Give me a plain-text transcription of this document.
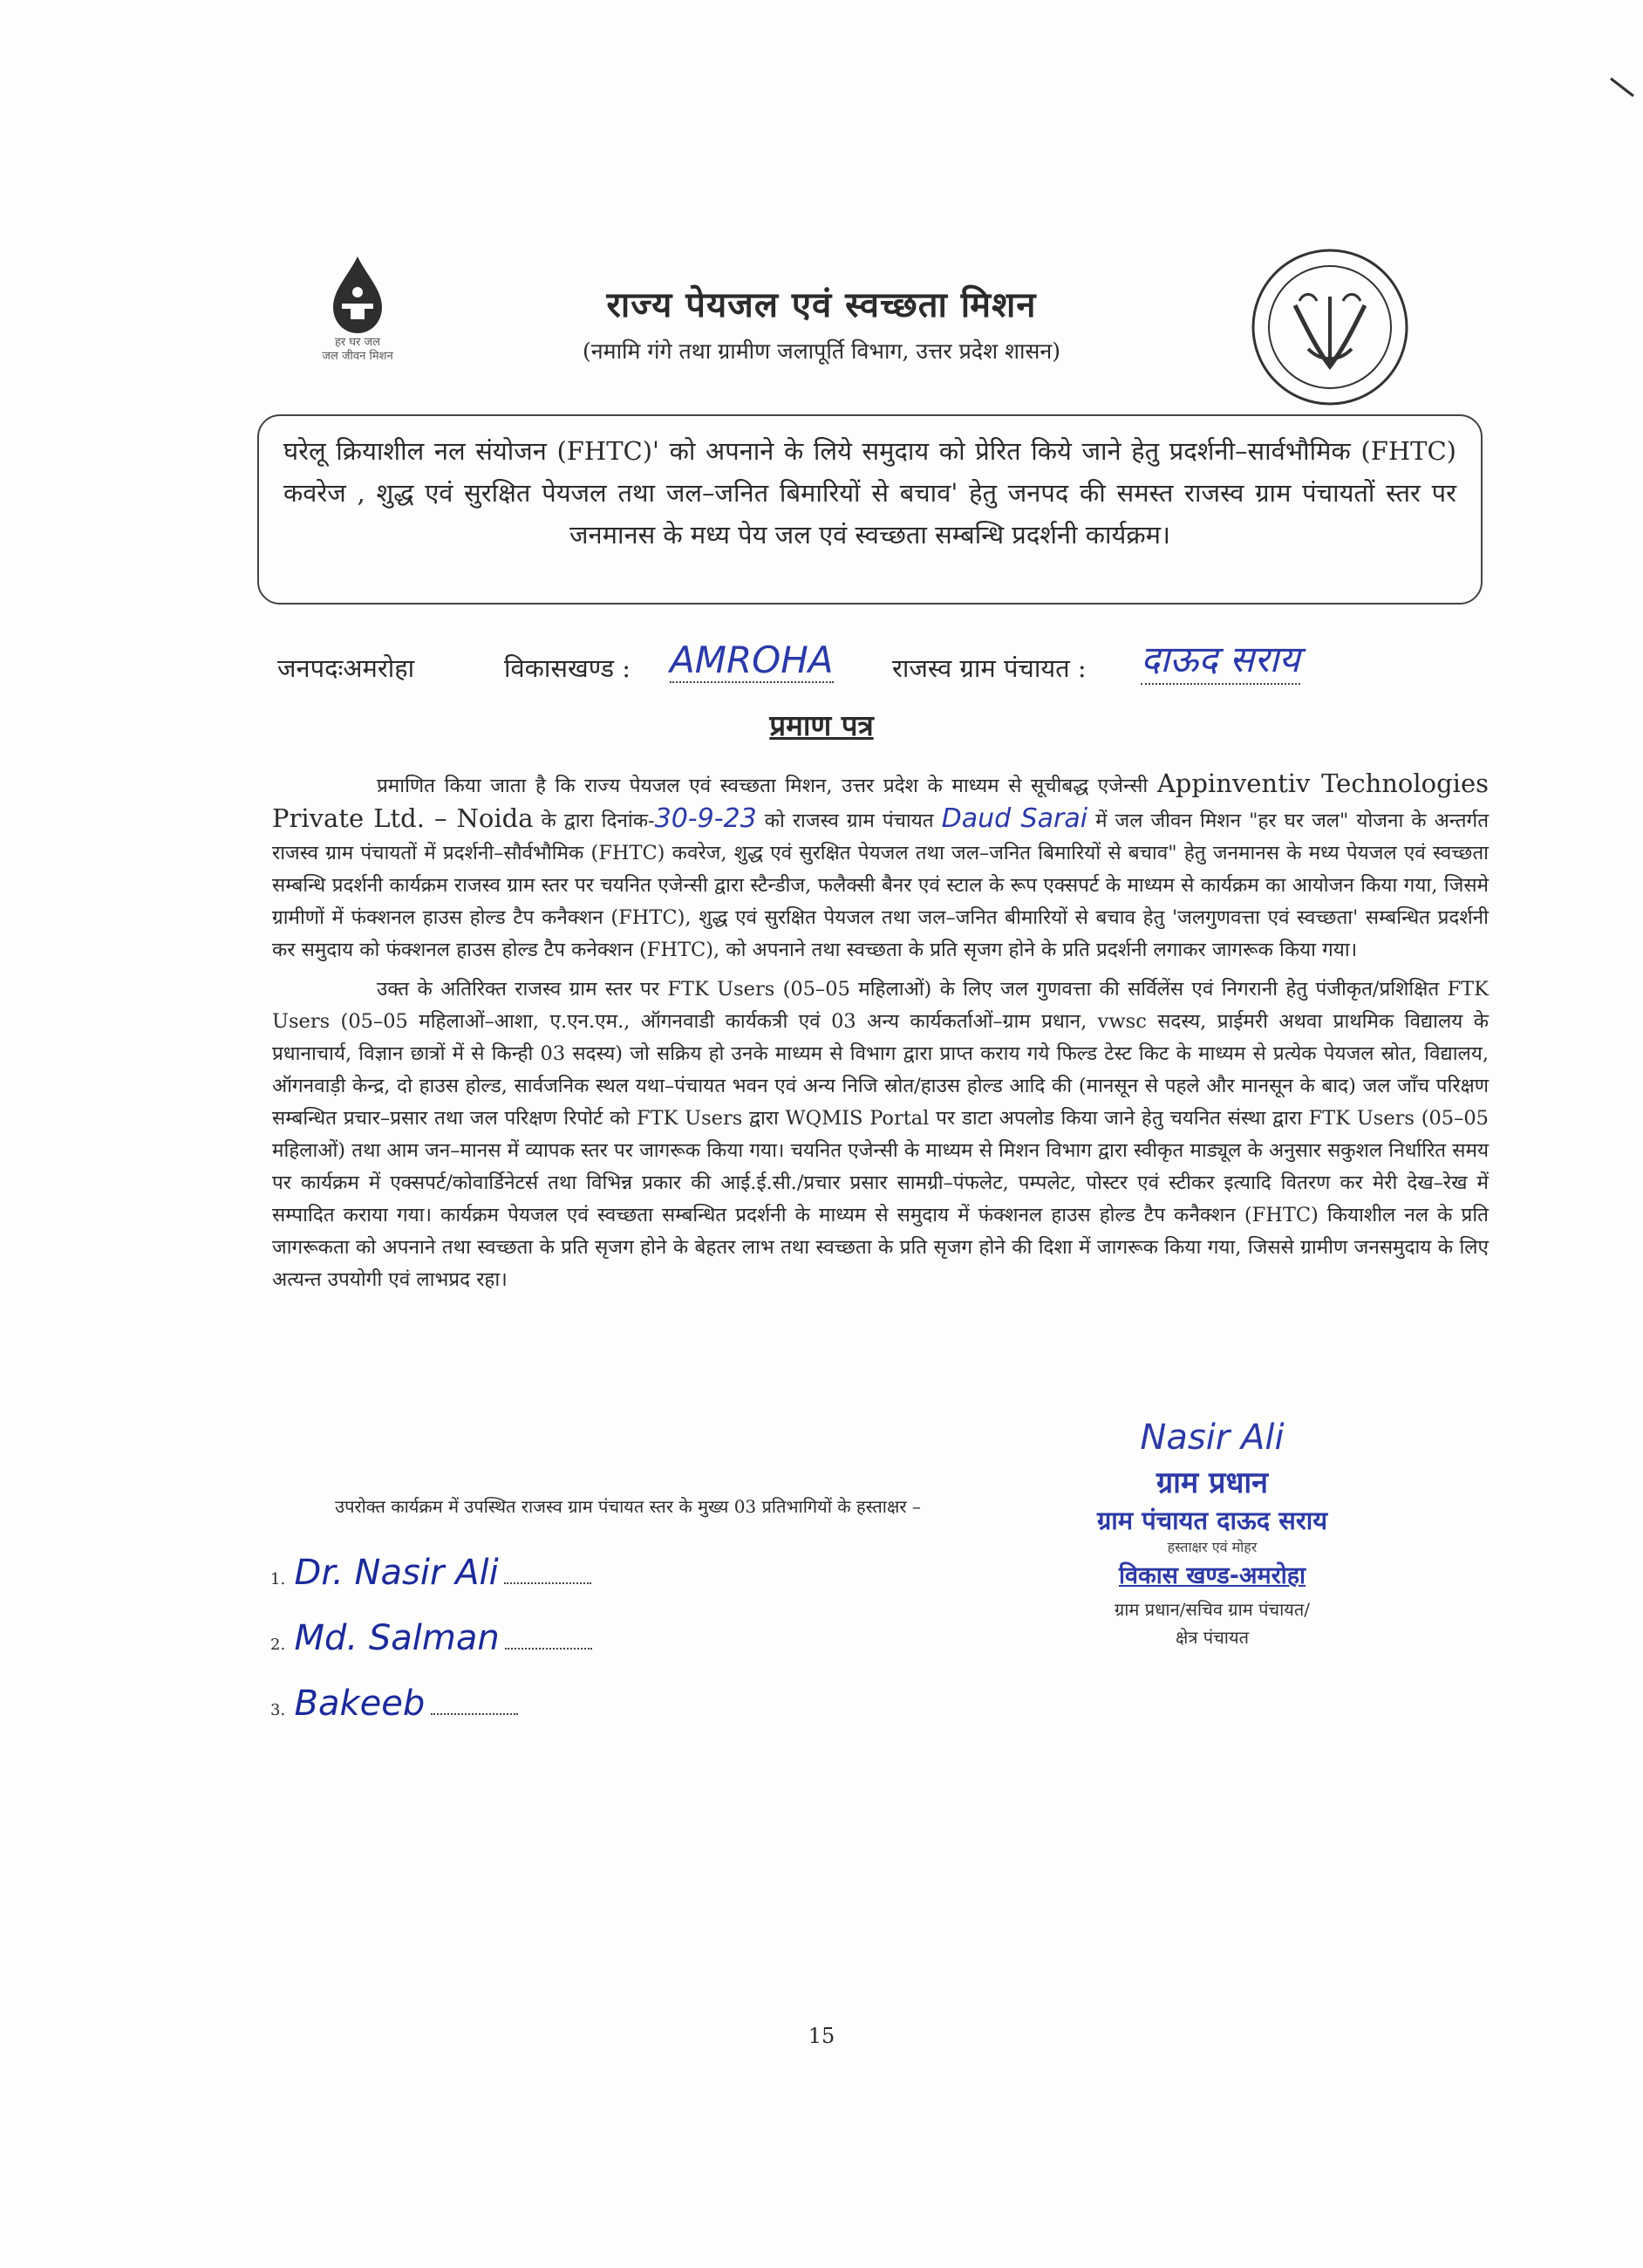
हर घर जल
जल जीवन मिशन
राज्य पेयजल एवं स्वच्छता मिशन
(नमामि गंगे तथा ग्रामीण जलापूर्ति विभाग, उत्तर प्रदेश शासन)

घरेलू क्रियाशील नल संयोजन (FHTC)' को अपनाने के लिये समुदाय को प्रेरित किये जाने हेतु प्रदर्शनी–सार्वभौमिक (FHTC) कवरेज , शुद्ध एवं सुरक्षित पेयजल तथा जल–जनित बिमारियों से बचाव' हेतु जनपद की समस्त राजस्व ग्राम पंचायतों स्तर पर जनमानस के मध्य पेय जल एवं स्वच्छता सम्बन्धि प्रदर्शनी कार्यक्रम।

जनपदःअमरोहा	विकासखण्ड : AMROHA राजस्व ग्राम पंचायत : दाऊद सराय
प्रमाण पत्र

प्रमाणित किया जाता है कि राज्य पेयजल एवं स्वच्छता मिशन, उत्तर प्रदेश के माध्यम से सूचीबद्ध एजेन्सी Appinventiv Technologies Private Ltd. – Noida के द्वारा दिनांक-30-9-23 को राजस्व ग्राम पंचायत Daud Sarai में जल जीवन मिशन "हर घर जल" योजना के अन्तर्गत राजस्व ग्राम पंचायतों में प्रदर्शनी–सौर्वभौमिक (FHTC) कवरेज, शुद्ध एवं सुरक्षित पेयजल तथा जल–जनित बिमारियों से बचाव" हेतु जनमानस के मध्य पेयजल एवं स्वच्छता सम्बन्धि प्रदर्शनी कार्यक्रम राजस्व ग्राम स्तर पर चयनित एजेन्सी द्वारा स्टैन्डीज, फलैक्सी बैनर एवं स्टाल के रूप एक्सपर्ट के माध्यम से कार्यक्रम का आयोजन किया गया, जिसमे ग्रामीणों में फंक्शनल हाउस होल्ड टैप कनैक्शन (FHTC), शुद्ध एवं सुरक्षित पेयजल तथा जल–जनित बीमारियों से बचाव हेतु 'जलगुणवत्ता एवं स्वच्छता' सम्बन्धित प्रदर्शनी कर समुदाय को फंक्शनल हाउस होल्ड टैप कनेक्शन (FHTC), को अपनाने तथा स्वच्छता के प्रति सृजग होने के प्रति प्रदर्शनी लगाकर जागरूक किया गया।

उक्त के अतिरिक्त राजस्व ग्राम स्तर पर FTK Users (05–05 महिलाओं) के लिए जल गुणवत्ता की सर्विलेंस एवं निगरानी हेतु पंजीकृत/प्रशिक्षित FTK Users (05–05 महिलाओं–आशा, ए.एन.एम., ऑगनवाडी कार्यकत्री एवं 03 अन्य कार्यकर्ताओं–ग्राम प्रधान, vwsc सदस्य, प्राईमरी अथवा प्राथमिक विद्यालय के प्रधानाचार्य, विज्ञान छात्रों में से किन्ही 03 सदस्य) जो सक्रिय हो उनके माध्यम से विभाग द्वारा प्राप्त कराय गये फिल्ड टेस्ट किट के माध्यम से प्रत्येक पेयजल स्रोत, विद्यालय, ऑगनवाड़ी केन्द्र, दो हाउस होल्ड, सार्वजनिक स्थल यथा–पंचायत भवन एवं अन्य निजि स्रोत/हाउस होल्ड आदि की (मानसून से पहले और मानसून के बाद) जल जाँच परिक्षण सम्बन्धित प्रचार–प्रसार तथा जल परिक्षण रिपोर्ट को FTK Users द्वारा WQMIS Portal पर डाटा अपलोड किया जाने हेतु चयनित संस्था द्वारा FTK Users (05–05 महिलाओं) तथा आम जन–मानस में व्यापक स्तर पर जागरूक किया गया। चयनित एजेन्सी के माध्यम से मिशन विभाग द्वारा स्वीकृत माड्यूल के अनुसार सकुशल निर्धारित समय पर कार्यक्रम में एक्सपर्ट/कोवार्डिनेटर्स तथा विभिन्न प्रकार की आई.ई.सी./प्रचार प्रसार सामग्री–पंफलेट, पम्पलेट, पोस्टर एवं स्टीकर इत्यादि वितरण कर मेरी देख–रेख में सम्पादित कराया गया। कार्यक्रम पेयजल एवं स्वच्छता सम्बन्धित प्रदर्शनी के माध्यम से समुदाय में फंक्शनल हाउस होल्ड टैप कनैक्शन (FHTC) कियाशील नल के प्रति जागरूकता को अपनाने तथा स्वच्छता के प्रति सृजग होने के बेहतर लाभ तथा स्वच्छता के प्रति सृजग होने की दिशा में जागरूक किया गया, जिससे ग्रामीण जनसमुदाय के लिए अत्यन्त उपयोगी एवं लाभप्रद रहा।

उपरोक्त कार्यक्रम में उपस्थित राजस्व ग्राम पंचायत स्तर के मुख्य 03 प्रतिभागियों के हस्ताक्षर –
1. Dr. Nasir Ali
2. Md. Salman
3. Bakeeb
Nasir Ali
ग्राम प्रधान
ग्राम पंचायत दाऊद सराय
हस्ताक्षर एवं मोहर
विकास खण्ड-अमरोहा
ग्राम प्रधान/सचिव ग्राम पंचायत/
क्षेत्र पंचायत
15
